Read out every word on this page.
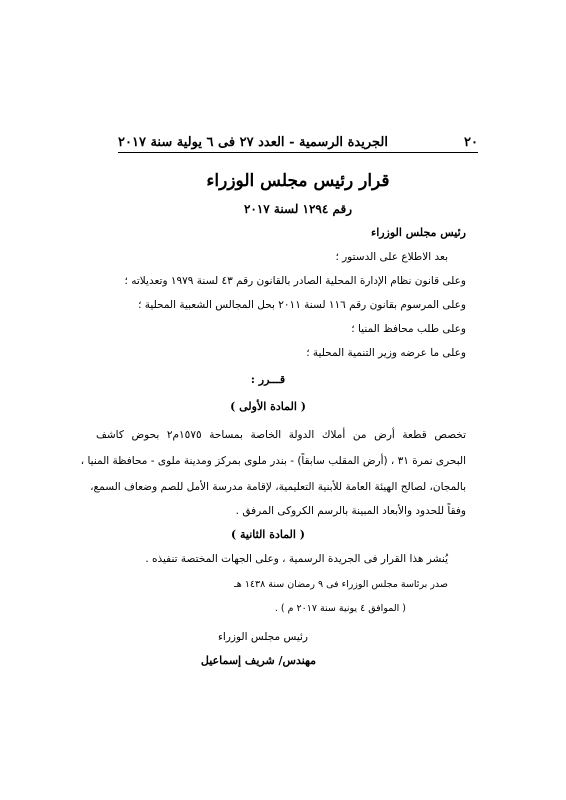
٢٠
الجريدة الرسمية - العدد ٢٧ فى ٦ يولية سنة ٢٠١٧
قرار رئيس مجلس الوزراء
رقم ١٢٩٤ لسنة ٢٠١٧
رئيس مجلس الوزراء
بعد الاطلاع على الدستور ؛
وعلى قانون نظام الإدارة المحلية الصادر بالقانون رقم ٤٣ لسنة ١٩٧٩ وتعديلاته ؛
وعلى المرسوم بقانون رقم ١١٦ لسنة ٢٠١١ بحل المجالس الشعبية المحلية ؛
وعلى طلب محافظ المنيا ؛
وعلى ما عرضه وزير التنمية المحلية ؛
قـــرر :
( المادة الأولى )
تخصص قطعة أرض من أملاك الدولة الخاصة بمساحة ١٥٧٥م٢ بحوض كاشف
البحرى نمرة ٣١ ، (أرض المقلب سابقاً) - بندر ملوى بمركز ومدينة ملوى - محافظة المنيا ،
بالمجان، لصالح الهيئة العامة للأبنية التعليمية، لإقامة مدرسة الأمل للصم وضعاف السمع،
وفقاً للحدود والأبعاد المبينة بالرسم الكروكى المرفق .
( المادة الثانية )
يُنشر هذا القرار فى الجريدة الرسمية ، وعلى الجهات المختصة تنفيذه .
صدر برئاسة مجلس الوزراء فى ٩ رمضان سنة ١٤٣٨ هـ
( الموافق ٤ يونية سنة ٢٠١٧ م ) .
رئيس مجلس الوزراء
مهندس/ شريف إسماعيل
